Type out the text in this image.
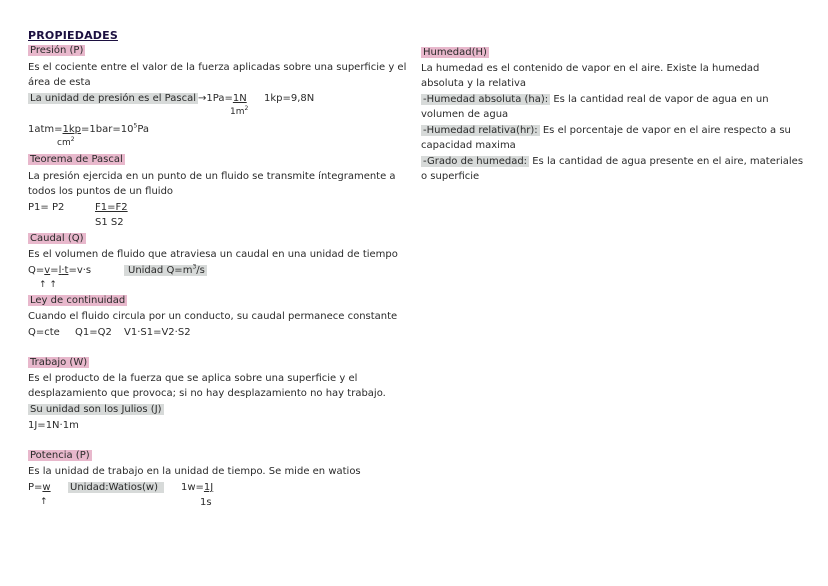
PROPIEDADES
Presión (P)
Es el cociente entre el valor de la fuerza aplicadas sobre una superficie y el
área de esta
La unidad de presión es el Pascal →1Pa=1N 1kp=9,8N
$1m^2$
$1atm=1kp=1bar=10^5Pa$
$cm^2$
Teorema de Pascal
La presión ejercida en un punto de un fluido se transmite íntegramente a
todos los puntos de un fluido
P1= P2	F1=F2
S1 S2
Caudal (Q)
Es el volumen de fluido que atraviesa un caudal en una unidad de tiempo
Q=v=l·t=v·s	Unidad $Q=m^3/s$
↑ ↑
Ley de continuidad
Cuando el fluido circula por un conducto, su caudal permanece constante
Q=cte Q1=Q2 V1·S1=V2·S2
Trabajo (W)
Es el producto de la fuerza que se aplica sobre una superficie y el
desplazamiento que provoca; si no hay desplazamiento no hay trabajo.
Su unidad son los Julios (J)
1J=1N·1m
Potencia (P)
Es la unidad de trabajo en la unidad de tiempo. Se mide en watios
P=w Unidad:Watios(w)	1w=1J
↑	1s
Humedad(H)
La humedad es el contenido de vapor en el aire. Existe la humedad
absoluta y la relativa
-Humedad absoluta (ha): Es la cantidad real de vapor de agua en un
volumen de agua
-Humedad relativa(hr): Es el porcentaje de vapor en el aire respecto a su
capacidad maxima
-Grado de humedad: Es la cantidad de agua presente en el aire, materiales
o superficie
